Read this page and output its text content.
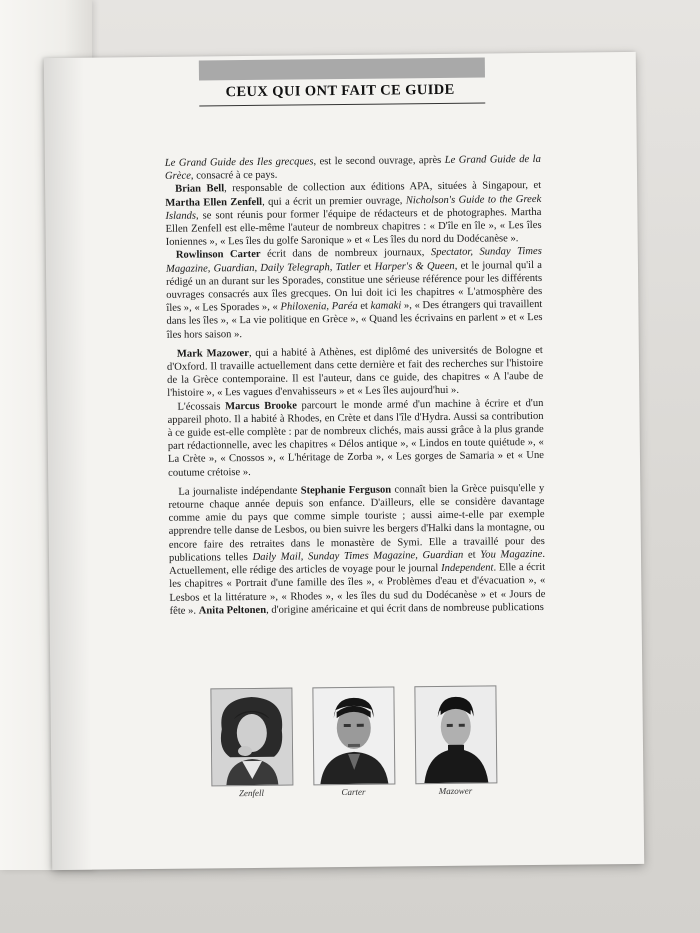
CEUX QUI ONT FAIT CE GUIDE

Le Grand Guide des Iles grecques, est le second ouvrage, après Le Grand Guide de la Grèce, consacré à ce pays.

Brian Bell, responsable de collection aux éditions APA, situées à Singapour, et Martha Ellen Zenfell, qui a écrit un premier ouvrage, Nicholson's Guide to the Greek Islands, se sont réunis pour former l'équipe de rédacteurs et de photographes. Martha Ellen Zenfell est elle-même l'auteur de nombreux chapitres : « D'île en île », « Les îles Ioniennes », « Les îles du golfe Saronique » et « Les îles du nord du Dodécanèse ».

Rowlinson Carter écrit dans de nombreux journaux, Spectator, Sunday Times Magazine, Guardian, Daily Telegraph, Tatler et Harper's & Queen, et le journal qu'il a rédigé un an durant sur les Sporades, constitue une sérieuse référence pour les différents ouvrages consacrés aux îles grecques. On lui doit ici les chapitres « L'atmosphère des îles », « Les Sporades », « Philoxenia, Paréa et kamaki », « Des étrangers qui travaillent dans les îles », « La vie politique en Grèce », « Quand les écrivains en parlent » et « Les îles hors saison ».

Mark Mazower, qui a habité à Athènes, est diplômé des universités de Bologne et d'Oxford. Il travaille actuellement dans cette dernière et fait des recherches sur l'histoire de la Grèce contemporaine. Il est l'auteur, dans ce guide, des chapitres « A l'aube de l'histoire », « Les vagues d'envahisseurs » et « Les îles aujourd'hui ».

L'écossais Marcus Brooke parcourt le monde armé d'un machine à écrire et d'un appareil photo. Il a habité à Rhodes, en Crète et dans l'île d'Hydra. Aussi sa contribution à ce guide est-elle complète : par de nombreux clichés, mais aussi grâce à la plus grande part rédactionnelle, avec les chapitres « Délos antique », « Lindos en toute quiétude », « La Crète », « Cnossos », « L'héritage de Zorba », « Les gorges de Samaria » et « Une coutume crétoise ».

La journaliste indépendante Stephanie Ferguson connaît bien la Grèce puisqu'elle y retourne chaque année depuis son enfance. D'ailleurs, elle se considère davantage comme amie du pays que comme simple touriste ; aussi aime-t-elle par exemple apprendre telle danse de Lesbos, ou bien suivre les bergers d'Halki dans la montagne, ou encore faire des retraites dans le monastère de Symi. Elle a travaillé pour des publications telles Daily Mail, Sunday Times Magazine, Guardian et You Magazine. Actuellement, elle rédige des articles de voyage pour le journal Independent. Elle a écrit les chapitres « Portrait d'une famille des îles », « Problèmes d'eau et d'évacuation », « Lesbos et la littérature », « Rhodes », « les îles du sud du Dodécanèse » et « Jours de fête ». Anita Peltonen, d'origine américaine et qui écrit dans de nombreuse publications

Zenfell	Carter	Mazower
